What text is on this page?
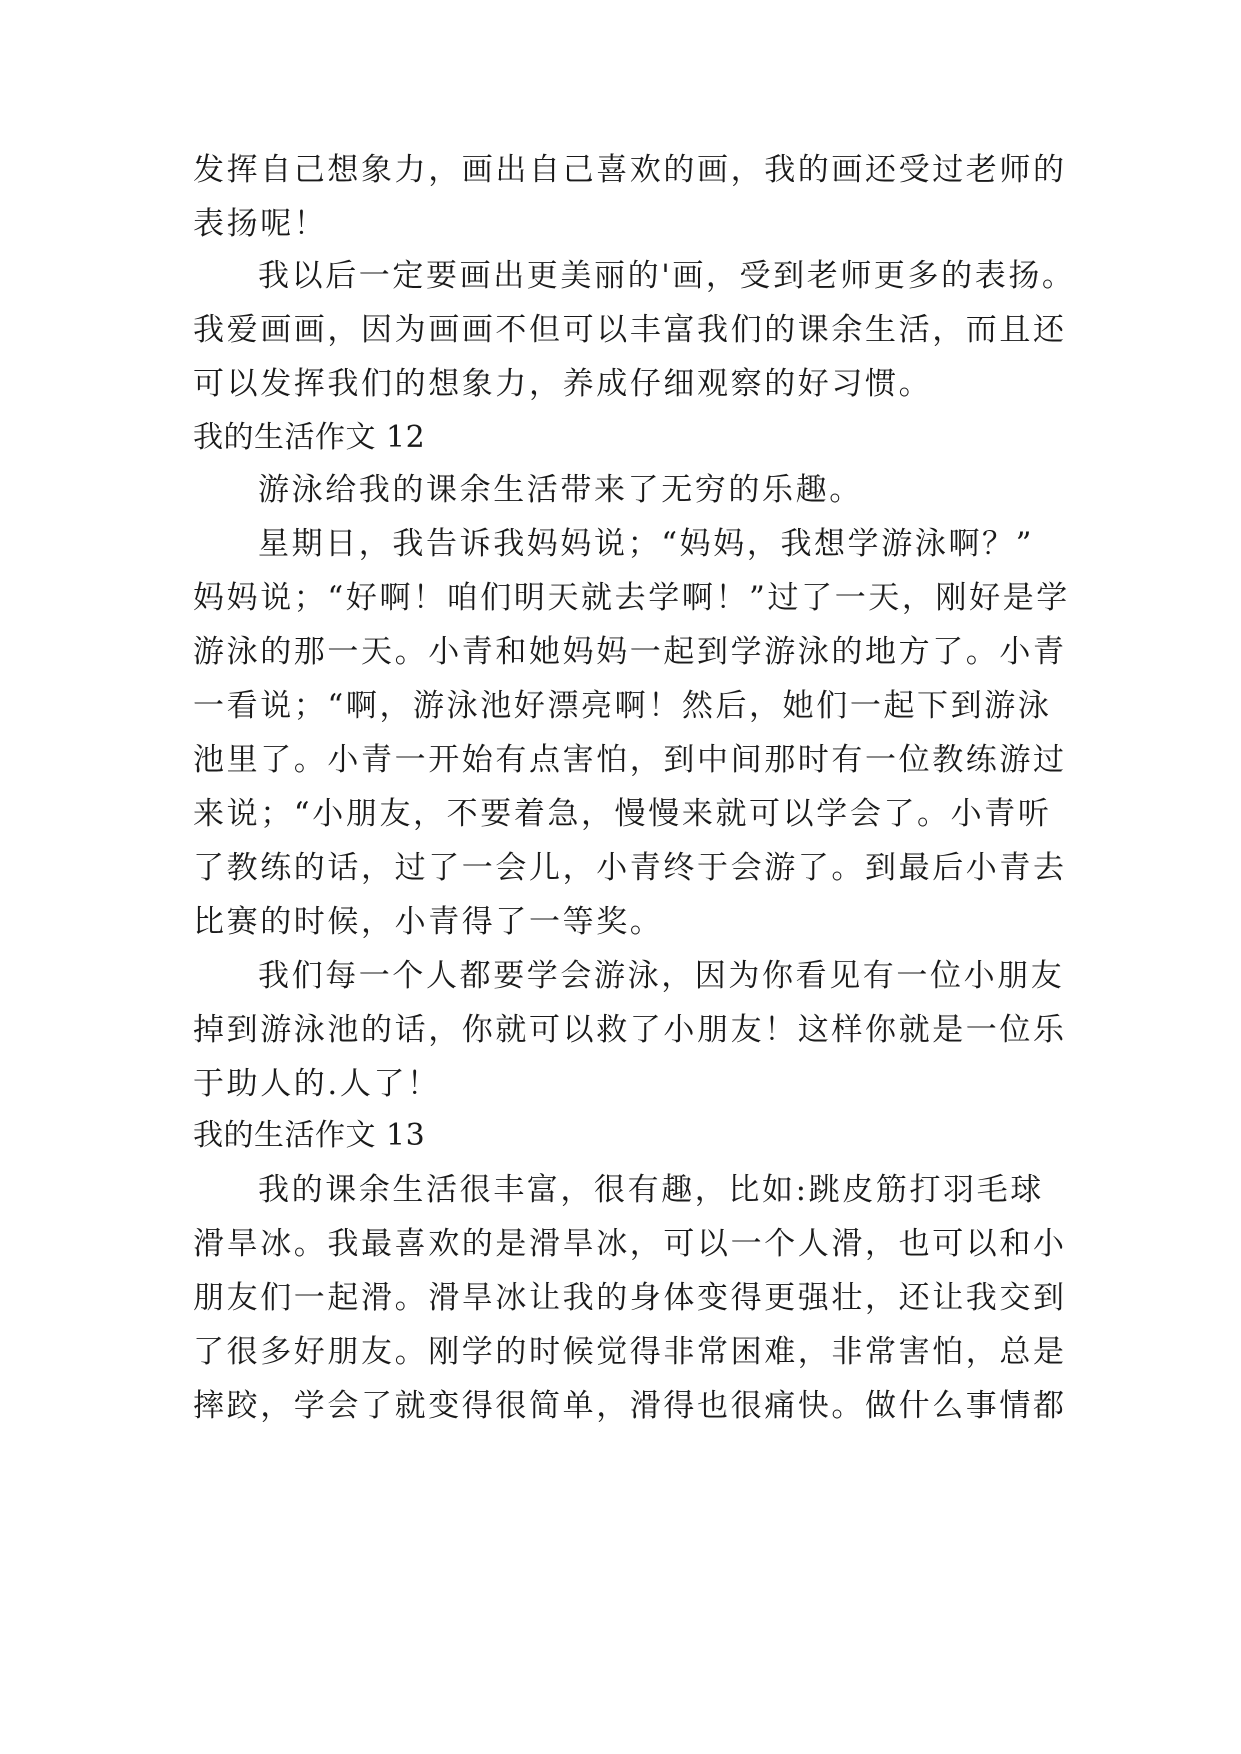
发挥自己想象力，画出自己喜欢的画，我的画还受过老师的
表扬呢！
我以后一定要画出更美丽的'画，受到老师更多的表扬。
我爱画画，因为画画不但可以丰富我们的课余生活，而且还
可以发挥我们的想象力，养成仔细观察的好习惯。
我的生活作文 12
游泳给我的课余生活带来了无穷的乐趣。
星期日，我告诉我妈妈说；“妈妈，我想学游泳啊？”
妈妈说；“好啊！咱们明天就去学啊！”过了一天，刚好是学
游泳的那一天。小青和她妈妈一起到学游泳的地方了。小青
一看说；“啊，游泳池好漂亮啊！然后，她们一起下到游泳
池里了。小青一开始有点害怕，到中间那时有一位教练游过
来说；“小朋友，不要着急，慢慢来就可以学会了。小青听
了教练的话，过了一会儿，小青终于会游了。到最后小青去
比赛的时候，小青得了一等奖。
我们每一个人都要学会游泳，因为你看见有一位小朋友
掉到游泳池的话，你就可以救了小朋友！这样你就是一位乐
于助人的.人了！
我的生活作文 13
我的课余生活很丰富，很有趣，比如:跳皮筋打羽毛球
滑旱冰。我最喜欢的是滑旱冰，可以一个人滑，也可以和小
朋友们一起滑。滑旱冰让我的身体变得更强壮，还让我交到
了很多好朋友。刚学的时候觉得非常困难，非常害怕，总是
摔跤，学会了就变得很简单，滑得也很痛快。做什么事情都
